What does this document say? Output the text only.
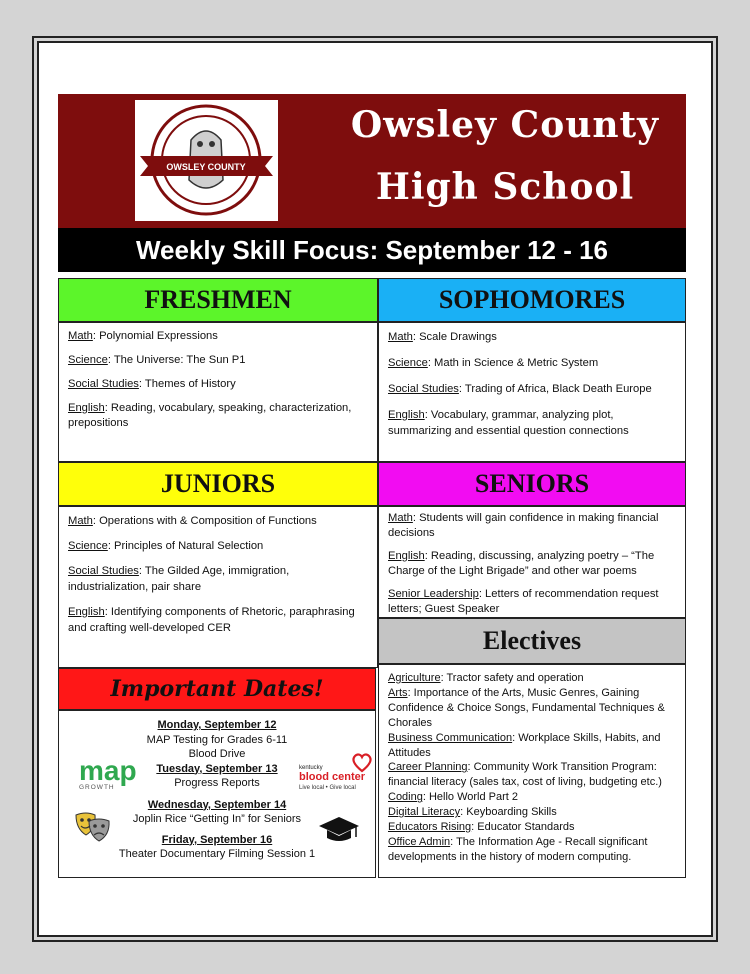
OWSLEY COUNTY
Owsley County
High School
Weekly Skill Focus: September 12 - 16
FRESHMEN

Math: Polynomial Expressions

Science: The Universe: The Sun P1

Social Studies: Themes of History

English: Reading, vocabulary, speaking, characterization, prepositions

SOPHOMORES

Math: Scale Drawings

Science: Math in Science & Metric System

Social Studies: Trading of Africa, Black Death Europe

English: Vocabulary, grammar, analyzing plot, summarizing and essential question connections

JUNIORS

Math: Operations with & Composition of Functions

Science: Principles of Natural Selection

Social Studies: The Gilded Age, immigration, industrialization, pair share

English: Identifying components of Rhetoric, paraphrasing and crafting well-developed CER

SENIORS

Math: Students will gain confidence in making financial decisions

English: Reading, discussing, analyzing poetry – “The Charge of the Light Brigade” and other war poems

Senior Leadership: Letters of recommendation request letters; Guest Speaker

Electives
Agriculture: Tractor safety and operation
Arts: Importance of the Arts, Music Genres, Gaining Confidence & Choice Songs, Fundamental Techniques & Chorales
Business Communication: Workplace Skills, Habits, and Attitudes
Career Planning: Community Work Transition Program: financial literacy (sales tax, cost of living, budgeting etc.)
Coding: Hello World Part 2
Digital Literacy: Keyboarding Skills
Educators Rising: Educator Standards
Office Admin: The Information Age - Recall significant developments in the history of modern computing.
Important Dates!
Monday, September 12
MAP Testing for Grades 6-11
Blood Drive
Tuesday, September 13
Progress Reports
Wednesday, September 14
Joplin Rice “Getting In” for Seniors
Friday, September 16
Theater Documentary Filming Session 1
map
GROWTH
kentucky
blood center
Live local • Give local
